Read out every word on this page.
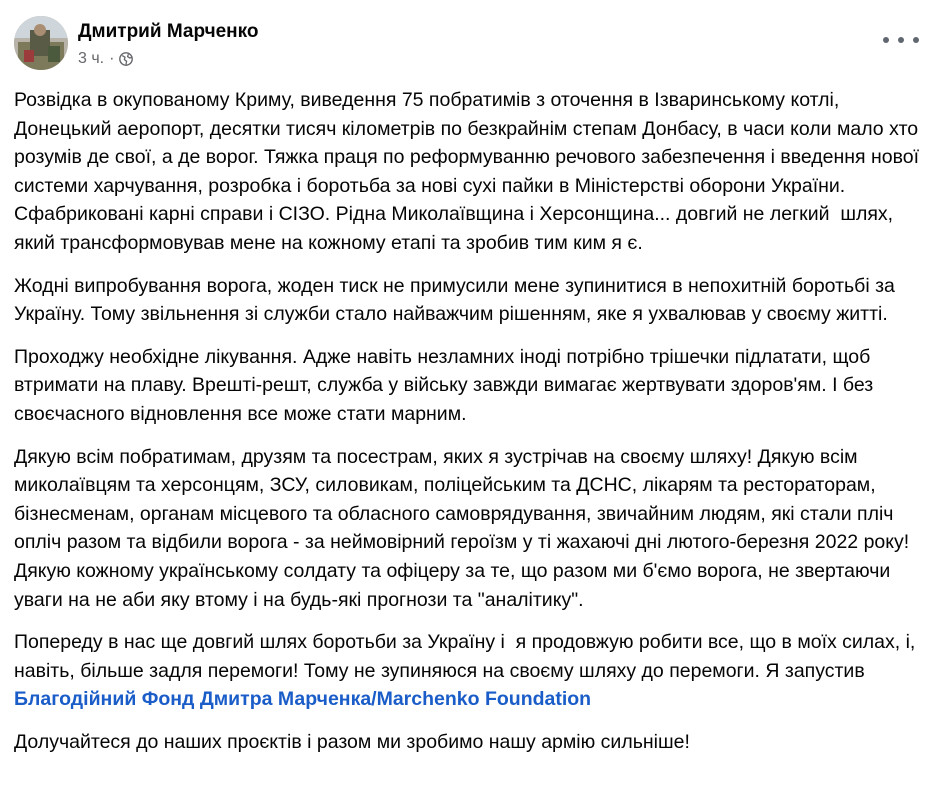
Дмитрий Марченко
3 ч. ·

Розвідка в окупованому Криму, виведення 75 побратимів з оточення в Ізваринському котлі, Донецький аеропорт, десятки тисяч кілометрів по безкрайнім степам Донбасу, в часи коли мало хто розумів де свої, а де ворог. Тяжка праця по реформуванню речового забезпечення і введення нової системи харчування, розробка і боротьба за нові сухі пайки в Міністерстві оборони України. Сфабриковані карні справи і СІЗО. Рідна Миколаївщина і Херсонщина... довгий не легкий  шлях, який трансформовував мене на кожному етапі та зробив тим ким я є.

Жодні випробування ворога, жоден тиск не примусили мене зупинитися в непохитній боротьбі за Україну. Тому звільнення зі служби стало найважчим рішенням, яке я ухвалював у своєму житті.

Проходжу необхідне лікування. Адже навіть незламних іноді потрібно трішечки підлатати, щоб втримати на плаву. Врешті-решт, служба у війську завжди вимагає жертвувати здоров'ям. І без своєчасного відновлення все може стати марним.

Дякую всім побратимам, друзям та посестрам, яких я зустрічав на своєму шляху! Дякую всім миколаївцям та херсонцям, ЗСУ, силовикам, поліцейським та ДСНС, лікарям та ресторатoрам, бізнесменам, органам місцевого та обласного самоврядування, звичайним людям, які стали пліч опліч разом та відбили ворога - за неймовірний героїзм у ті жахаючі дні лютого-березня 2022 року! Дякую кожному українському солдату та офіцеру за те, що разом ми б'ємо ворога, не звертаючи уваги на не аби яку втому і на будь-які прогнози та "аналітику".

Попереду в нас ще довгий шлях боротьби за Україну і  я продовжую робити все, що в моїх силах, і, навіть, більше задля перемоги! Тому не зупиняюся на своєму шляху до перемоги. Я запустив Благодійний Фонд Дмитра Марченка/Marchenko Foundation

Долучайтеся до наших проєктів і разом ми зробимо нашу армію сильніше!
